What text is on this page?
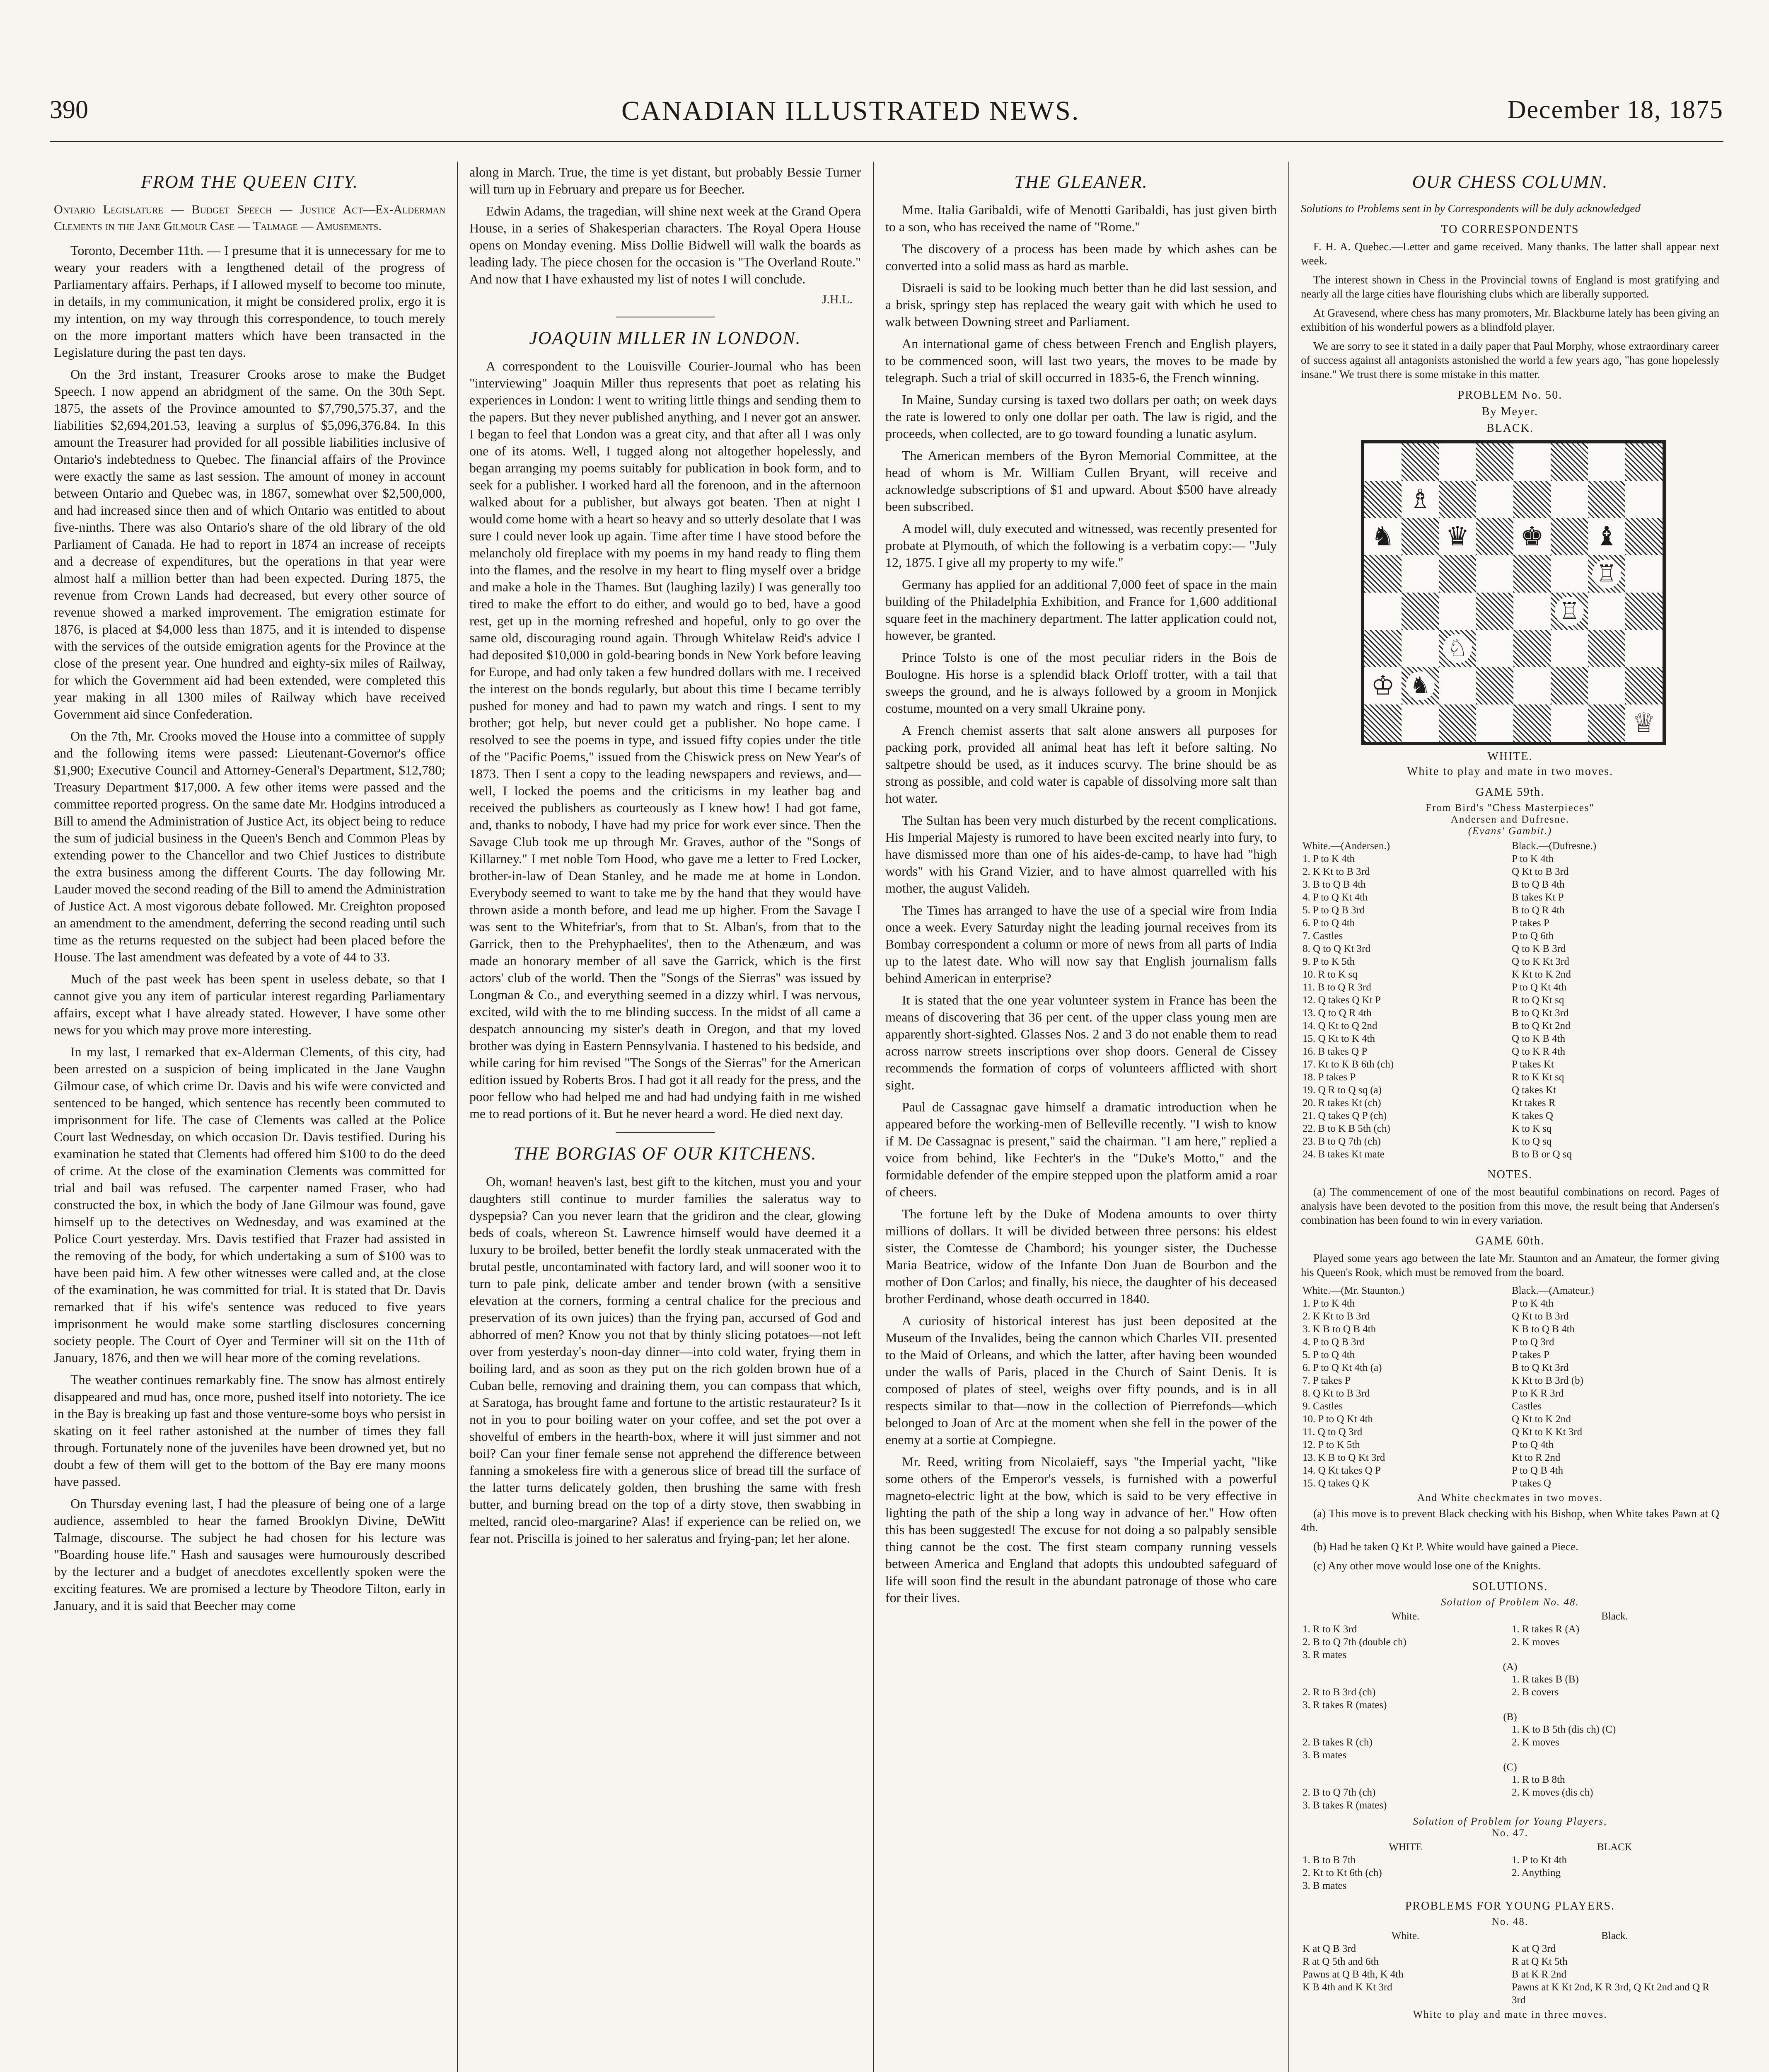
390	CANADIAN ILLUSTRATED NEWS.	December 18, 1875
FROM THE QUEEN CITY.
Ontario Legislature — Budget Speech — Justice Act—Ex-Alderman Clements in the Jane Gilmour Case — Talmage — Amusements.

Toronto, December 11th. — I presume that it is unnecessary for me to weary your readers with a lengthened detail of the progress of Parliamentary affairs. Perhaps, if I allowed myself to become too minute, in details, in my communication, it might be considered prolix, ergo it is my intention, on my way through this correspondence, to touch merely on the more important matters which have been transacted in the Legislature during the past ten days.

On the 3rd instant, Treasurer Crooks arose to make the Budget Speech. I now append an abridgment of the same. On the 30th Sept. 1875, the assets of the Province amounted to $7,790,575.37, and the liabilities $2,694,201.53, leaving a surplus of $5,096,376.84. In this amount the Treasurer had provided for all possible liabilities inclusive of Ontario's indebtedness to Quebec. The financial affairs of the Province were exactly the same as last session. The amount of money in account between Ontario and Quebec was, in 1867, somewhat over $2,500,000, and had increased since then and of which Ontario was entitled to about five-ninths. There was also Ontario's share of the old library of the old Parliament of Canada. He had to report in 1874 an increase of receipts and a decrease of expenditures, but the operations in that year were almost half a million better than had been expected. During 1875, the revenue from Crown Lands had decreased, but every other source of revenue showed a marked improvement. The emigration estimate for 1876, is placed at $4,000 less than 1875, and it is intended to dispense with the services of the outside emigration agents for the Province at the close of the present year. One hundred and eighty-six miles of Railway, for which the Government aid had been extended, were completed this year making in all 1300 miles of Railway which have received Government aid since Confederation.

On the 7th, Mr. Crooks moved the House into a committee of supply and the following items were passed: Lieutenant-Governor's office $1,900; Executive Council and Attorney-General's Department, $12,780; Treasury Department $17,000. A few other items were passed and the committee reported progress. On the same date Mr. Hodgins introduced a Bill to amend the Administration of Justice Act, its object being to reduce the sum of judicial business in the Queen's Bench and Common Pleas by extending power to the Chancellor and two Chief Justices to distribute the extra business among the different Courts. The day following Mr. Lauder moved the second reading of the Bill to amend the Administration of Justice Act. A most vigorous debate followed. Mr. Creighton proposed an amendment to the amendment, deferring the second reading until such time as the returns requested on the subject had been placed before the House. The last amendment was defeated by a vote of 44 to 33.

Much of the past week has been spent in useless debate, so that I cannot give you any item of particular interest regarding Parliamentary affairs, except what I have already stated. However, I have some other news for you which may prove more interesting.

In my last, I remarked that ex-Alderman Clements, of this city, had been arrested on a suspicion of being implicated in the Jane Vaughn Gilmour case, of which crime Dr. Davis and his wife were convicted and sentenced to be hanged, which sentence has recently been commuted to imprisonment for life. The case of Clements was called at the Police Court last Wednesday, on which occasion Dr. Davis testified. During his examination he stated that Clements had offered him $100 to do the deed of crime. At the close of the examination Clements was committed for trial and bail was refused. The carpenter named Fraser, who had constructed the box, in which the body of Jane Gilmour was found, gave himself up to the detectives on Wednesday, and was examined at the Police Court yesterday. Mrs. Davis testified that Frazer had assisted in the removing of the body, for which undertaking a sum of $100 was to have been paid him. A few other witnesses were called and, at the close of the examination, he was committed for trial. It is stated that Dr. Davis remarked that if his wife's sentence was reduced to five years imprisonment he would make some startling disclosures concerning society people. The Court of Oyer and Terminer will sit on the 11th of January, 1876, and then we will hear more of the coming revelations.

The weather continues remarkably fine. The snow has almost entirely disappeared and mud has, once more, pushed itself into notoriety. The ice in the Bay is breaking up fast and those venture-some boys who persist in skating on it feel rather astonished at the number of times they fall through. Fortunately none of the juveniles have been drowned yet, but no doubt a few of them will get to the bottom of the Bay ere many moons have passed.

On Thursday evening last, I had the pleasure of being one of a large audience, assembled to hear the famed Brooklyn Divine, DeWitt Talmage, discourse. The subject he had chosen for his lecture was "Boarding house life." Hash and sausages were humourously described by the lecturer and a budget of anecdotes excellently spoken were the exciting features. We are promised a lecture by Theodore Tilton, early in January, and it is said that Beecher may come

along in March. True, the time is yet distant, but probably Bessie Turner will turn up in February and prepare us for Beecher.

Edwin Adams, the tragedian, will shine next week at the Grand Opera House, in a series of Shakesperian characters. The Royal Opera House opens on Monday evening. Miss Dollie Bidwell will walk the boards as leading lady. The piece chosen for the occasion is "The Overland Route." And now that I have exhausted my list of notes I will conclude.

J.H.L.
JOAQUIN MILLER IN LONDON.

A correspondent to the Louisville Courier-Journal who has been "interviewing" Joaquin Miller thus represents that poet as relating his experiences in London: I went to writing little things and sending them to the papers. But they never published anything, and I never got an answer. I began to feel that London was a great city, and that after all I was only one of its atoms. Well, I tugged along not altogether hopelessly, and began arranging my poems suitably for publication in book form, and to seek for a publisher. I worked hard all the forenoon, and in the afternoon walked about for a publisher, but always got beaten. Then at night I would come home with a heart so heavy and so utterly desolate that I was sure I could never look up again. Time after time I have stood before the melancholy old fireplace with my poems in my hand ready to fling them into the flames, and the resolve in my heart to fling myself over a bridge and make a hole in the Thames. But (laughing lazily) I was generally too tired to make the effort to do either, and would go to bed, have a good rest, get up in the morning refreshed and hopeful, only to go over the same old, discouraging round again. Through Whitelaw Reid's advice I had deposited $10,000 in gold-bearing bonds in New York before leaving for Europe, and had only taken a few hundred dollars with me. I received the interest on the bonds regularly, but about this time I became terribly pushed for money and had to pawn my watch and rings. I sent to my brother; got help, but never could get a publisher. No hope came. I resolved to see the poems in type, and issued fifty copies under the title of the "Pacific Poems," issued from the Chiswick press on New Year's of 1873. Then I sent a copy to the leading newspapers and reviews, and—well, I locked the poems and the criticisms in my leather bag and received the publishers as courteously as I knew how! I had got fame, and, thanks to nobody, I have had my price for work ever since. Then the Savage Club took me up through Mr. Graves, author of the "Songs of Killarney." I met noble Tom Hood, who gave me a letter to Fred Locker, brother-in-law of Dean Stanley, and he made me at home in London. Everybody seemed to want to take me by the hand that they would have thrown aside a month before, and lead me up higher. From the Savage I was sent to the Whitefriar's, from that to St. Alban's, from that to the Garrick, then to the Prehyphaelites', then to the Athenæum, and was made an honorary member of all save the Garrick, which is the first actors' club of the world. Then the "Songs of the Sierras" was issued by Longman & Co., and everything seemed in a dizzy whirl. I was nervous, excited, wild with the to me blinding success. In the midst of all came a despatch announcing my sister's death in Oregon, and that my loved brother was dying in Eastern Pennsylvania. I hastened to his bedside, and while caring for him revised "The Songs of the Sierras" for the American edition issued by Roberts Bros. I had got it all ready for the press, and the poor fellow who had helped me and had had undying faith in me wished me to read portions of it. But he never heard a word. He died next day.

THE BORGIAS OF OUR KITCHENS.

Oh, woman! heaven's last, best gift to the kitchen, must you and your daughters still continue to murder families the saleratus way to dyspepsia? Can you never learn that the gridiron and the clear, glowing beds of coals, whereon St. Lawrence himself would have deemed it a luxury to be broiled, better benefit the lordly steak unmacerated with the brutal pestle, uncontaminated with factory lard, and will sooner woo it to turn to pale pink, delicate amber and tender brown (with a sensitive elevation at the corners, forming a central chalice for the precious and preservation of its own juices) than the frying pan, accursed of God and abhorred of men? Know you not that by thinly slicing potatoes—not left over from yesterday's noon-day dinner—into cold water, frying them in boiling lard, and as soon as they put on the rich golden brown hue of a Cuban belle, removing and draining them, you can compass that which, at Saratoga, has brought fame and fortune to the artistic restaurateur? Is it not in you to pour boiling water on your coffee, and set the pot over a shovelful of embers in the hearth-box, where it will just simmer and not boil? Can your finer female sense not apprehend the difference between fanning a smokeless fire with a generous slice of bread till the surface of the latter turns delicately golden, then brushing the same with fresh butter, and burning bread on the top of a dirty stove, then swabbing in melted, rancid oleo-margarine? Alas! if experience can be relied on, we fear not. Priscilla is joined to her saleratus and frying-pan; let her alone.

THE GLEANER.

Mme. Italia Garibaldi, wife of Menotti Garibaldi, has just given birth to a son, who has received the name of "Rome."

The discovery of a process has been made by which ashes can be converted into a solid mass as hard as marble.

Disraeli is said to be looking much better than he did last session, and a brisk, springy step has replaced the weary gait with which he used to walk between Downing street and Parliament.

An international game of chess between French and English players, to be commenced soon, will last two years, the moves to be made by telegraph. Such a trial of skill occurred in 1835-6, the French winning.

In Maine, Sunday cursing is taxed two dollars per oath; on week days the rate is lowered to only one dollar per oath. The law is rigid, and the proceeds, when collected, are to go toward founding a lunatic asylum.

The American members of the Byron Memorial Committee, at the head of whom is Mr. William Cullen Bryant, will receive and acknowledge subscriptions of $1 and upward. About $500 have already been subscribed.

A model will, duly executed and witnessed, was recently presented for probate at Plymouth, of which the following is a verbatim copy:— "July 12, 1875. I give all my property to my wife."

Germany has applied for an additional 7,000 feet of space in the main building of the Philadelphia Exhibition, and France for 1,600 additional square feet in the machinery department. The latter application could not, however, be granted.

Prince Tolsto is one of the most peculiar riders in the Bois de Boulogne. His horse is a splendid black Orloff trotter, with a tail that sweeps the ground, and he is always followed by a groom in Monjick costume, mounted on a very small Ukraine pony.

A French chemist asserts that salt alone answers all purposes for packing pork, provided all animal heat has left it before salting. No saltpetre should be used, as it induces scurvy. The brine should be as strong as possible, and cold water is capable of dissolving more salt than hot water.

The Sultan has been very much disturbed by the recent complications. His Imperial Majesty is rumored to have been excited nearly into fury, to have dismissed more than one of his aides-de-camp, to have had "high words" with his Grand Vizier, and to have almost quarrelled with his mother, the august Valideh.

The Times has arranged to have the use of a special wire from India once a week. Every Saturday night the leading journal receives from its Bombay correspondent a column or more of news from all parts of India up to the latest date. Who will now say that English journalism falls behind American in enterprise?

It is stated that the one year volunteer system in France has been the means of discovering that 36 per cent. of the upper class young men are apparently short-sighted. Glasses Nos. 2 and 3 do not enable them to read across narrow streets inscriptions over shop doors. General de Cissey recommends the formation of corps of volunteers afflicted with short sight.

Paul de Cassagnac gave himself a dramatic introduction when he appeared before the working-men of Belleville recently. "I wish to know if M. De Cassagnac is present," said the chairman. "I am here," replied a voice from behind, like Fechter's in the "Duke's Motto," and the formidable defender of the empire stepped upon the platform amid a roar of cheers.

The fortune left by the Duke of Modena amounts to over thirty millions of dollars. It will be divided between three persons: his eldest sister, the Comtesse de Chambord; his younger sister, the Duchesse Maria Beatrice, widow of the Infante Don Juan de Bourbon and the mother of Don Carlos; and finally, his niece, the daughter of his deceased brother Ferdinand, whose death occurred in 1840.

A curiosity of historical interest has just been deposited at the Museum of the Invalides, being the cannon which Charles VII. presented to the Maid of Orleans, and which the latter, after having been wounded under the walls of Paris, placed in the Church of Saint Denis. It is composed of plates of steel, weighs over fifty pounds, and is in all respects similar to that—now in the collection of Pierrefonds—which belonged to Joan of Arc at the moment when she fell in the power of the enemy at a sortie at Compiegne.

Mr. Reed, writing from Nicolaieff, says "the Imperial yacht, "like some others of the Emperor's vessels, is furnished with a powerful magneto-electric light at the bow, which is said to be very effective in lighting the path of the ship a long way in advance of her." How often this has been suggested! The excuse for not doing a so palpably sensible thing cannot be the cost. The first steam company running vessels between America and England that adopts this undoubted safeguard of life will soon find the result in the abundant patronage of those who care for their lives.

OUR CHESS COLUMN.
Solutions to Problems sent in by Correspondents will be duly acknowledged
TO CORRESPONDENTS

F. H. A. Quebec.—Letter and game received. Many thanks. The latter shall appear next week.

The interest shown in Chess in the Provincial towns of England is most gratifying and nearly all the large cities have flourishing clubs which are liberally supported.

At Gravesend, where chess has many promoters, Mr. Blackburne lately has been giving an exhibition of his wonderful powers as a blindfold player.

We are sorry to see it stated in a daily paper that Paul Morphy, whose extraordinary career of success against all antagonists astonished the world a few years ago, "has gone hopelessly insane." We trust there is some mistake in this matter.

PROBLEM No. 50.
By Meyer.
BLACK.
♗
♞ ♛ ♚ ♝
♖
♖
♘
♔ ♞
♕
WHITE.
White to play and mate in two moves.
GAME 59th.
From Bird's "Chess Masterpieces"
Andersen and Dufresne.
(Evans' Gambit.)
White.—(Andersen.)	Black.—(Dufresne.)
1. P to K 4th	P to K 4th
2. K Kt to B 3rd	Q Kt to B 3rd
3. B to Q B 4th	B to Q B 4th
4. P to Q Kt 4th	B takes Kt P
5. P to Q B 3rd	B to Q R 4th
6. P to Q 4th	P takes P
7. Castles	P to Q 6th
8. Q to Q Kt 3rd	Q to K B 3rd
9. P to K 5th	Q to K Kt 3rd
10. R to K sq	K Kt to K 2nd
11. B to Q R 3rd	P to Q Kt 4th
12. Q takes Q Kt P	R to Q Kt sq
13. Q to Q R 4th	B to Q Kt 3rd
14. Q Kt to Q 2nd	B to Q Kt 2nd
15. Q Kt to K 4th	Q to K B 4th
16. B takes Q P	Q to K R 4th
17. Kt to K B 6th (ch)	P takes Kt
18. P takes P	R to K Kt sq
19. Q R to Q sq (a)	Q takes Kt
20. R takes Kt (ch)	Kt takes R
21. Q takes Q P (ch)	K takes Q
22. B to K B 5th (ch)	K to K sq
23. B to Q 7th (ch)	K to Q sq
24. B takes Kt mate	B to B or Q sq
NOTES.

(a) The commencement of one of the most beautiful combinations on record. Pages of analysis have been devoted to the position from this move, the result being that Andersen's combination has been found to win in every variation.

GAME 60th.

Played some years ago between the late Mr. Staunton and an Amateur, the former giving his Queen's Rook, which must be removed from the board.

White.—(Mr. Staunton.)	Black.—(Amateur.)
1. P to K 4th	P to K 4th
2. K Kt to B 3rd	Q Kt to B 3rd
3. K B to Q B 4th	K B to Q B 4th
4. P to Q B 3rd	P to Q 3rd
5. P to Q 4th	P takes P
6. P to Q Kt 4th (a)	B to Q Kt 3rd
7. P takes P	K Kt to B 3rd (b)
8. Q Kt to B 3rd	P to K R 3rd
9. Castles	Castles
10. P to Q Kt 4th	Q Kt to K 2nd
11. Q to Q 3rd	Q Kt to K Kt 3rd
12. P to K 5th	P to Q 4th
13. K B to Q Kt 3rd	Kt to R 2nd
14. Q Kt takes Q P	P to Q B 4th
15. Q takes Q K	P takes Q
And White checkmates in two moves.

(a) This move is to prevent Black checking with his Bishop, when White takes Pawn at Q 4th.

(b) Had he taken Q Kt P. White would have gained a Piece.

(c) Any other move would lose one of the Knights.

SOLUTIONS.
Solution of Problem No. 48.
White.	Black.
1. R to K 3rd	1. R takes R (A)
2. B to Q 7th (double ch)	2. K moves
3. R mates	
(A)
	1. R takes B (B)
2. R to B 3rd (ch)	2. B covers
3. R takes R (mates)	
(B)
	1. K to B 5th (dis ch) (C)
2. B takes R (ch)	2. K moves
3. B mates	
(C)
	1. R to B 8th
2. B to Q 7th (ch)	2. K moves (dis ch)
3. B takes R (mates)	
Solution of Problem for Young Players,
No. 47.
WHITE	BLACK
1. B to B 7th	1. P to Kt 4th
2. Kt to Kt 6th (ch)	2. Anything
3. B mates	
PROBLEMS FOR YOUNG PLAYERS.
No. 48.
White.	Black.
K at Q B 3rd	K at Q 3rd
R at Q 5th and 6th	R at Q Kt 5th
Pawns at Q B 4th, K 4th	B at K R 2nd
K B 4th and K Kt 3rd	Pawns at K Kt 2nd, K R 3rd, Q Kt 2nd and Q R 3rd
White to play and mate in three moves.
